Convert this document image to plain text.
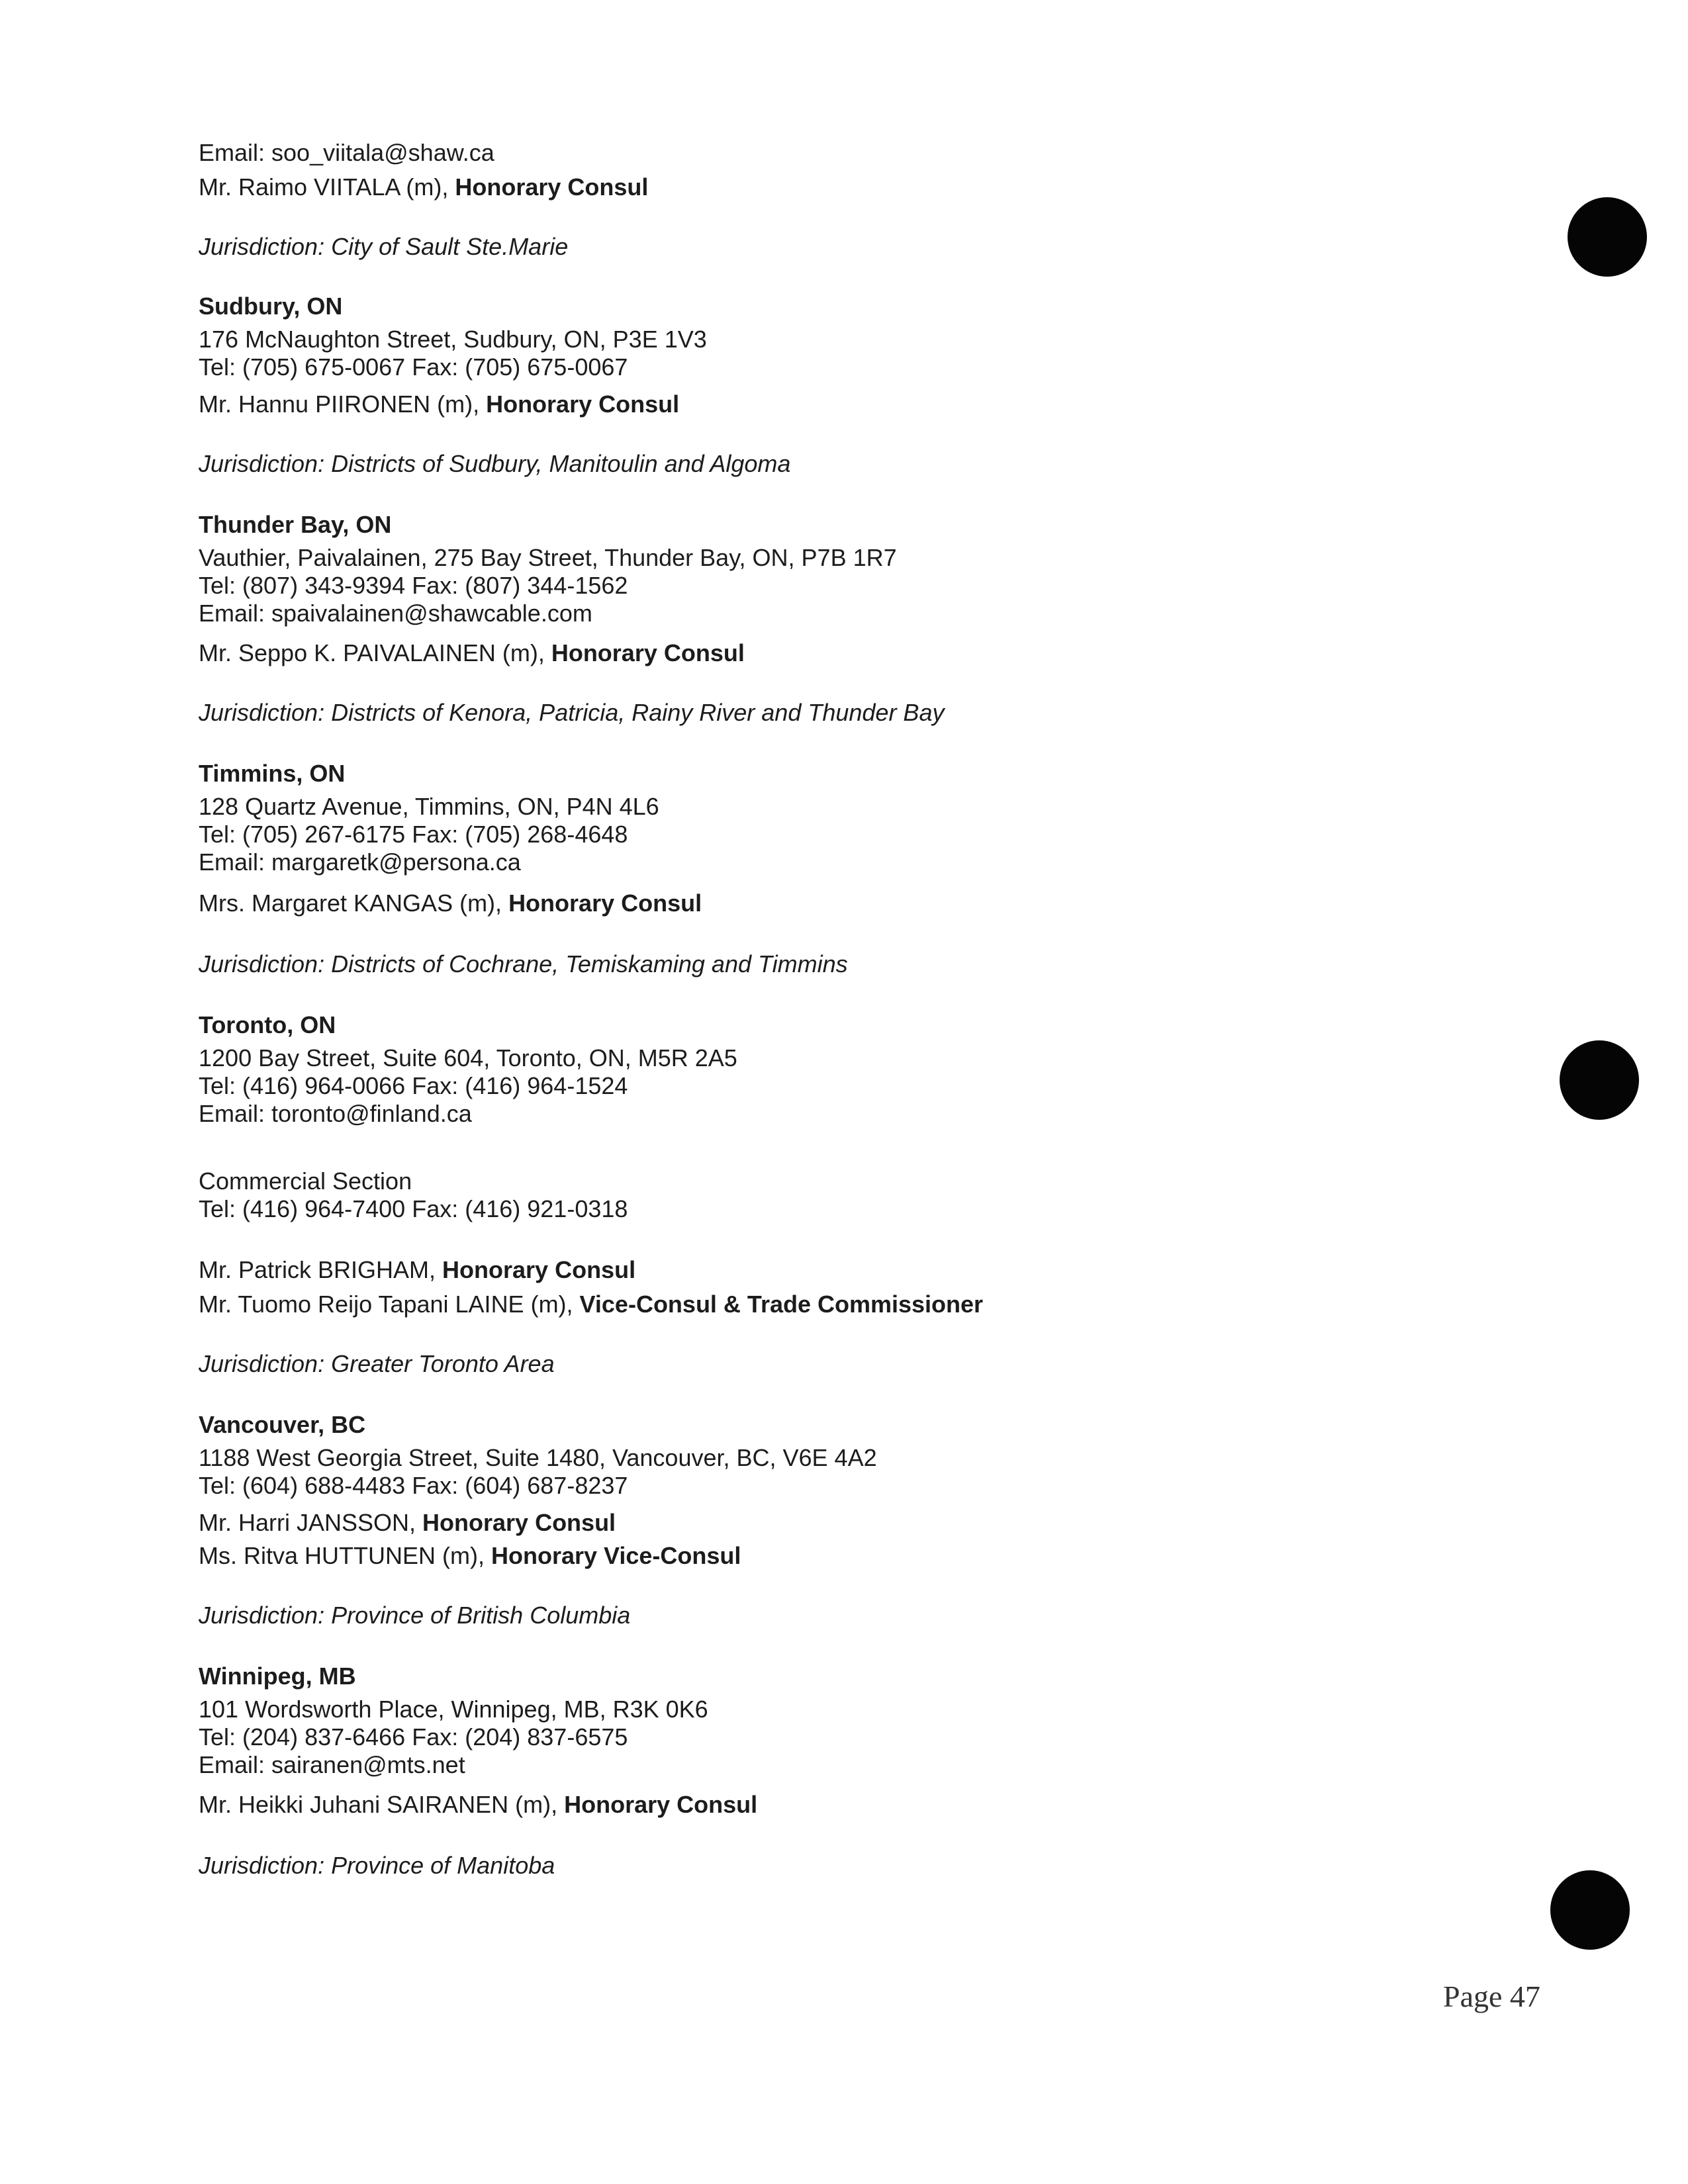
Email: soo_viitala@shaw.ca
Mr. Raimo VIITALA (m), Honorary Consul
Jurisdiction: City of Sault Ste.Marie
Sudbury, ON
176 McNaughton Street, Sudbury, ON, P3E 1V3
Tel: (705) 675-0067 Fax: (705) 675-0067
Mr. Hannu PIIRONEN (m), Honorary Consul
Jurisdiction: Districts of Sudbury, Manitoulin and Algoma
Thunder Bay, ON
Vauthier, Paivalainen, 275 Bay Street, Thunder Bay, ON, P7B 1R7
Tel: (807) 343-9394 Fax: (807) 344-1562
Email: spaivalainen@shawcable.com
Mr. Seppo K. PAIVALAINEN (m), Honorary Consul
Jurisdiction: Districts of Kenora, Patricia, Rainy River and Thunder Bay
Timmins, ON
128 Quartz Avenue, Timmins, ON, P4N 4L6
Tel: (705) 267-6175 Fax: (705) 268-4648
Email: margaretk@persona.ca
Mrs. Margaret KANGAS (m), Honorary Consul
Jurisdiction: Districts of Cochrane, Temiskaming and Timmins
Toronto, ON
1200 Bay Street, Suite 604, Toronto, ON, M5R 2A5
Tel: (416) 964-0066 Fax: (416) 964-1524
Email: toronto@finland.ca
Commercial Section
Tel: (416) 964-7400 Fax: (416) 921-0318
Mr. Patrick BRIGHAM, Honorary Consul
Mr. Tuomo Reijo Tapani LAINE (m), Vice-Consul & Trade Commissioner
Jurisdiction: Greater Toronto Area
Vancouver, BC
1188 West Georgia Street, Suite 1480, Vancouver, BC, V6E 4A2
Tel: (604) 688-4483 Fax: (604) 687-8237
Mr. Harri JANSSON, Honorary Consul
Ms. Ritva HUTTUNEN (m), Honorary Vice-Consul
Jurisdiction: Province of British Columbia
Winnipeg, MB
101 Wordsworth Place, Winnipeg, MB, R3K 0K6
Tel: (204) 837-6466 Fax: (204) 837-6575
Email: sairanen@mts.net
Mr. Heikki Juhani SAIRANEN (m), Honorary Consul
Jurisdiction: Province of Manitoba
Page 47
